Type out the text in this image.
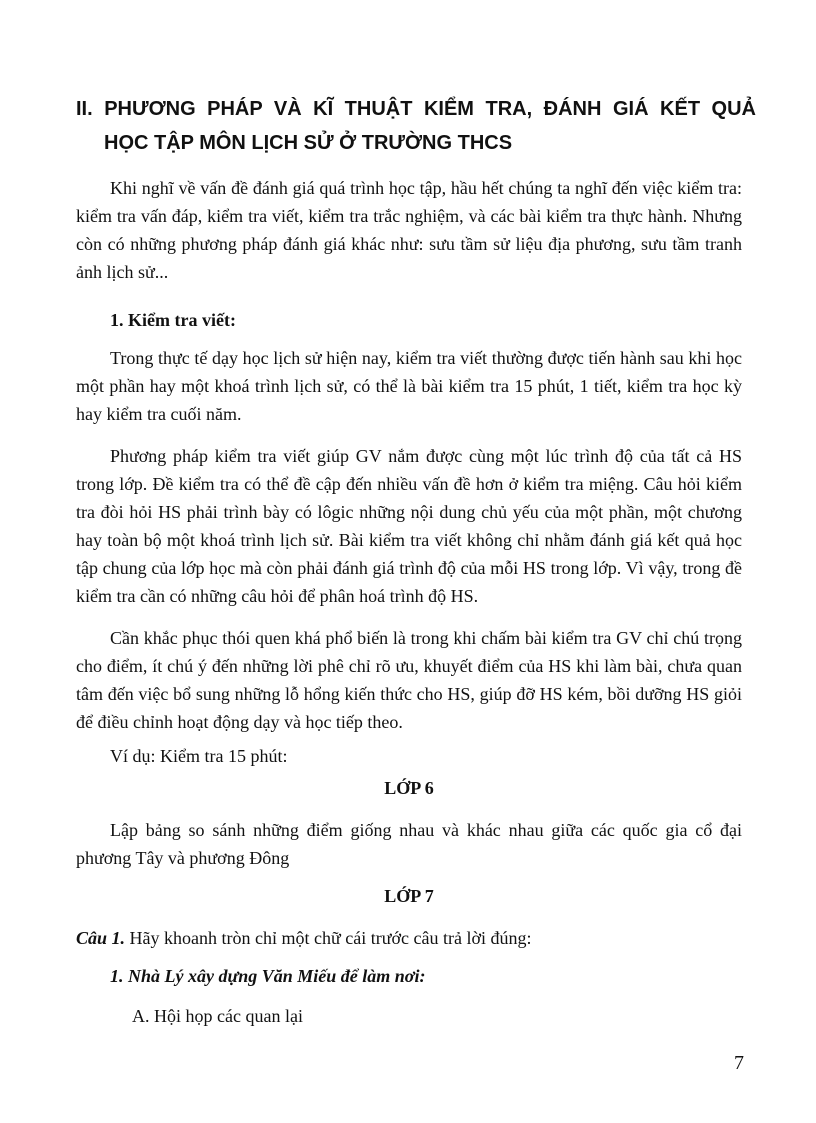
II. PHƯƠNG PHÁP VÀ KĨ THUẬT KIỂM TRA, ĐÁNH GIÁ KẾT QUẢ
HỌC TẬP MÔN LỊCH SỬ Ở TRƯỜNG THCS

Khi nghĩ về vấn đề đánh giá quá trình học tập, hầu hết chúng ta nghĩ đến việc kiểm tra: kiểm tra vấn đáp, kiểm tra viết, kiểm tra trắc nghiệm, và các bài kiểm tra thực hành. Nhưng còn có những phương pháp đánh giá khác như: sưu tầm sử liệu địa phương, sưu tầm tranh ảnh lịch sử...

1. Kiểm tra viết:

Trong thực tế dạy học lịch sử hiện nay, kiểm tra viết thường được tiến hành sau khi học một phần hay một khoá trình lịch sử, có thể là bài kiểm tra 15 phút, 1 tiết, kiểm tra học kỳ hay kiểm tra cuối năm.

Phương pháp kiểm tra viết giúp GV nắm được cùng một lúc trình độ của tất cả HS trong lớp. Đề kiểm tra có thể đề cập đến nhiều vấn đề hơn ở kiểm tra miệng. Câu hỏi kiểm tra đòi hỏi HS phải trình bày có lôgic những nội dung chủ yếu của một phần, một chương hay toàn bộ một khoá trình lịch sử. Bài kiểm tra viết không chỉ nhằm đánh giá kết quả học tập chung của lớp học mà còn phải đánh giá trình độ của mỗi HS trong lớp. Vì vậy, trong đề kiểm tra cần có những câu hỏi để phân hoá trình độ HS.

Cần khắc phục thói quen khá phổ biến là trong khi chấm bài kiểm tra GV chỉ chú trọng cho điểm, ít chú ý đến những lời phê chỉ rõ ưu, khuyết điểm của HS khi làm bài, chưa quan tâm đến việc bổ sung những lỗ hổng kiến thức cho HS, giúp đỡ HS kém, bồi dưỡng HS giỏi để điều chỉnh hoạt động dạy và học tiếp theo.

Ví dụ: Kiểm tra 15 phút:
LỚP 6

Lập bảng so sánh những điểm giống nhau và khác nhau giữa các quốc gia cổ đại phương Tây và phương Đông

LỚP 7
Câu 1. Hãy khoanh tròn chỉ một chữ cái trước câu trả lời đúng:
1. Nhà Lý xây dựng Văn Miếu để làm nơi:
A. Hội họp các quan lại
7
